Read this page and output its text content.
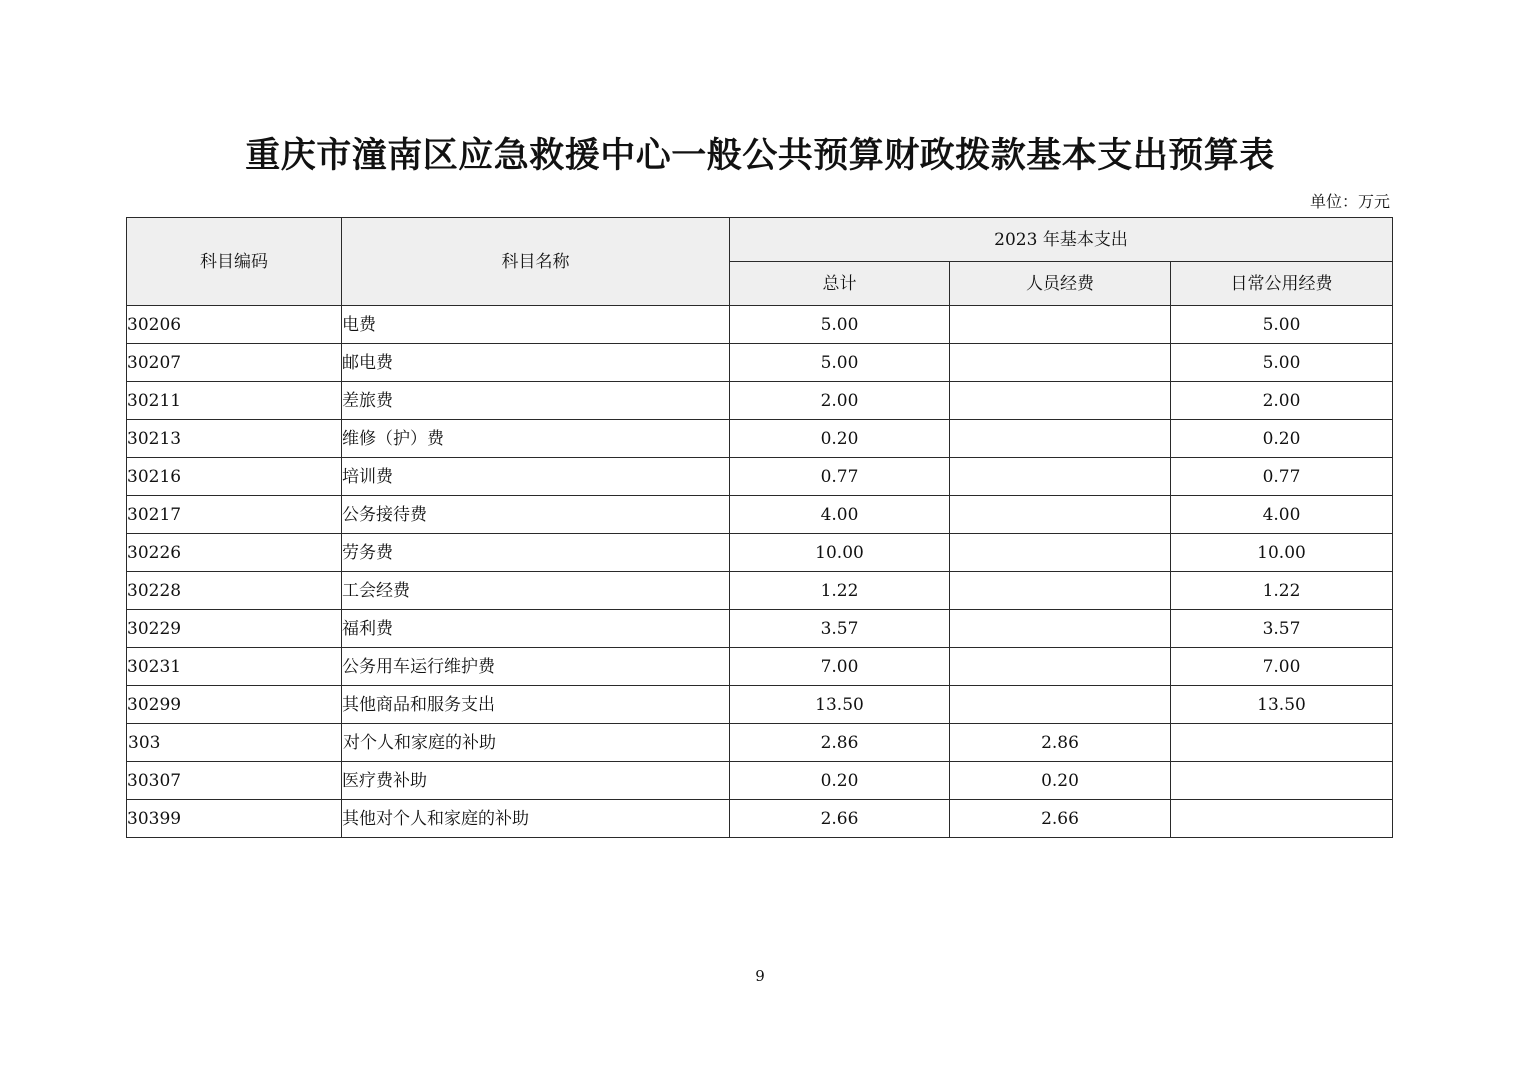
重庆市潼南区应急救援中心一般公共预算财政拨款基本支出预算表
单位：万元
科目编码	科目名称	2023 年基本支出		
		总计	人员经费	日常公用经费
30206	电费	5.00		5.00
30207	邮电费	5.00		5.00
30211	差旅费	2.00		2.00
30213	维修（护）费	0.20		0.20
30216	培训费	0.77		0.77
30217	公务接待费	4.00		4.00
30226	劳务费	10.00		10.00
30228	工会经费	1.22		1.22
30229	福利费	3.57		3.57
30231	公务用车运行维护费	7.00		7.00
30299	其他商品和服务支出	13.50		13.50
303	对个人和家庭的补助	2.86	2.86	
30307	医疗费补助	0.20	0.20	
30399	其他对个人和家庭的补助	2.66	2.66	
9
